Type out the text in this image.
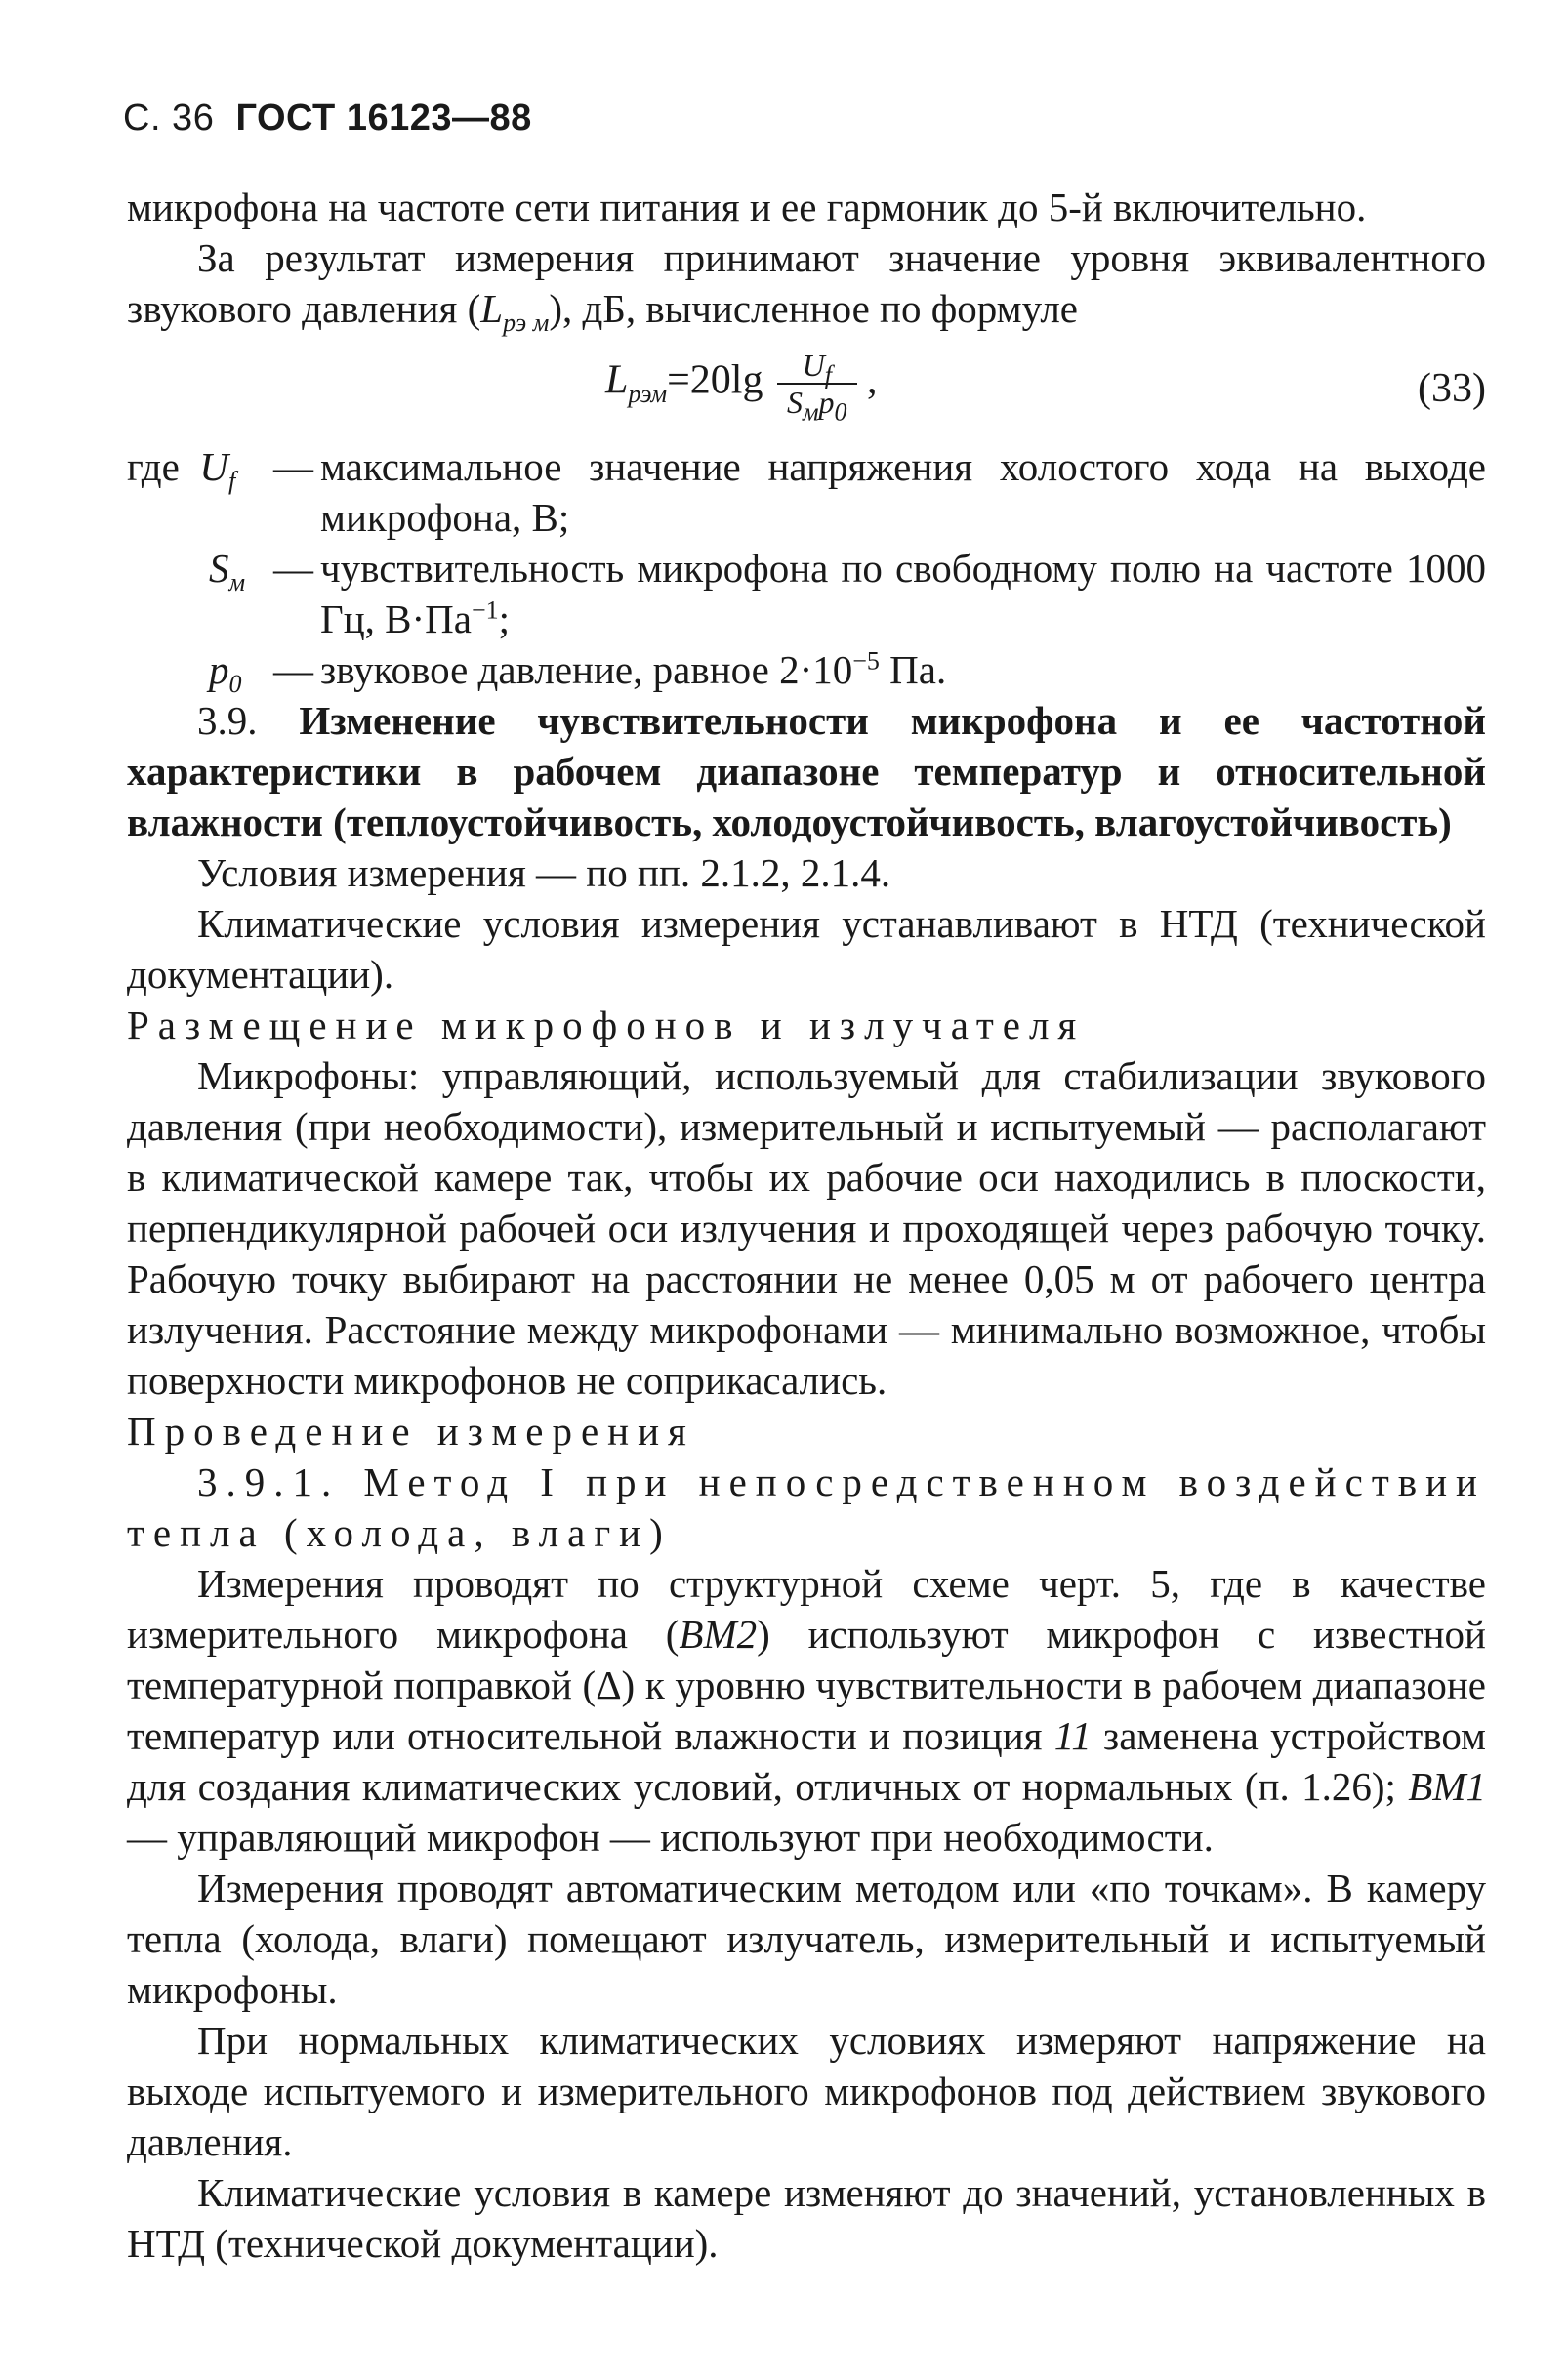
С. 36 ГОСТ 16123—88

микрофона на частоте сети питания и ее гармоник до 5-й включительно.

За результат измерения принимают значение уровня эквивалентного звукового давления $(L_{рэ м})$, дБ, вычисленное по формуле

$L_{рэм}=20\lg \frac{U_f}{S_мp_0}$ ,	(33)
где $U_f$ — максимальное значение напряжения холостого хода на выходе микрофона, В;
$S_м$ — чувствительность микрофона по свободному полю на частоте 1000 Гц, $В\cdot Па^{-1}$;
$p_0$ — звуковое давление, равное $2\cdot 10^{-5}$ Па.

3.9. Изменение чувствительности микрофона и ее частотной характеристики в рабочем диапазоне температур и относительной влажности (теплоустойчивость, холодоустойчивость, влагоустойчивость)

Условия измерения — по пп. 2.1.2, 2.1.4.

Климатические условия измерения устанавливают в НТД (технической документации).

Размещение микрофонов и излучателя

Микрофоны: управляющий, используемый для стабилизации звукового давления (при необходимости), измерительный и испытуемый — располагают в климатической камере так, чтобы их рабочие оси находились в плоскости, перпендикулярной рабочей оси излучения и проходящей через рабочую точку. Рабочую точку выбирают на расстоянии не менее 0,05 м от рабочего центра излучения. Расстояние между микрофонами — минимально возможное, чтобы поверхности микрофонов не соприкасались.

Проведение измерения

3.9.1. Метод I при непосредственном воздействии тепла (холода, влаги)

Измерения проводят по структурной схеме черт. 5, где в качестве измерительного микрофона (ВМ2) используют микрофон с известной температурной поправкой (Δ) к уровню чувствительности в рабочем диапазоне температур или относительной влажности и позиция 11 заменена устройством для создания климатических условий, отличных от нормальных (п. 1.26); ВМ1 — управляющий микрофон — используют при необходимости.

Измерения проводят автоматическим методом или «по точкам». В камеру тепла (холода, влаги) помещают излучатель, измерительный и испытуемый микрофоны.

При нормальных климатических условиях измеряют напряжение на выходе испытуемого и измерительного микрофонов под действием звукового давления.

Климатические условия в камере изменяют до значений, установленных в НТД (технической документации).
